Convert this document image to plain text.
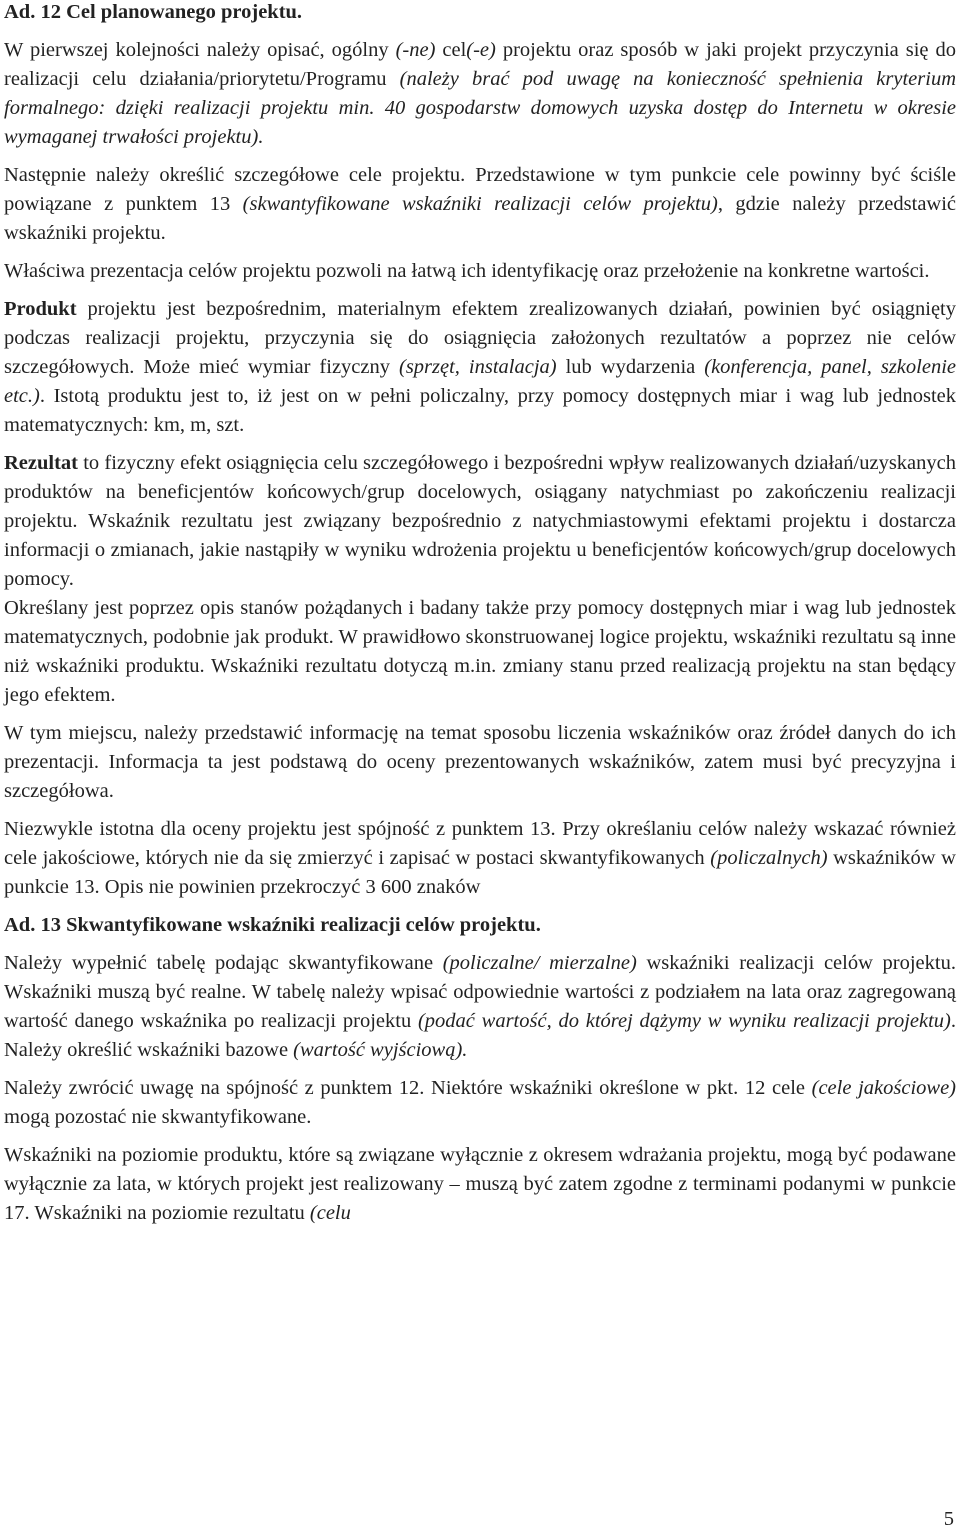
Ad. 12 Cel planowanego projektu.

W pierwszej kolejności należy opisać, ogólny (-ne) cel(-e) projektu oraz sposób w jaki projekt przyczynia się do realizacji celu działania/priorytetu/Programu (należy brać pod uwagę na konieczność spełnienia kryterium formalnego: dzięki realizacji projektu min. 40 gospodarstw domowych uzyska dostęp do Internetu w okresie wymaganej trwałości projektu).

Następnie należy określić szczegółowe cele projektu. Przedstawione w tym punkcie cele powinny być ściśle powiązane z punktem 13 (skwantyfikowane wskaźniki realizacji celów projektu), gdzie należy przedstawić wskaźniki projektu.

Właściwa prezentacja celów projektu pozwoli na łatwą ich identyfikację oraz przełożenie na konkretne wartości.

Produkt projektu jest bezpośrednim, materialnym efektem zrealizowanych działań, powinien być osiągnięty podczas realizacji projektu, przyczynia się do osiągnięcia założonych rezultatów a poprzez nie celów szczegółowych. Może mieć wymiar fizyczny (sprzęt, instalacja) lub wydarzenia (konferencja, panel, szkolenie etc.). Istotą produktu jest to, iż jest on w pełni policzalny, przy pomocy dostępnych miar i wag lub jednostek matematycznych: km, m, szt.

Rezultat to fizyczny efekt osiągnięcia celu szczegółowego i bezpośredni wpływ realizowanych działań/uzyskanych produktów na beneficjentów końcowych/grup docelowych, osiągany natychmiast po zakończeniu realizacji projektu. Wskaźnik rezultatu jest związany bezpośrednio z natychmiastowymi efektami projektu i dostarcza informacji o zmianach, jakie nastąpiły w wyniku wdrożenia projektu u beneficjentów końcowych/grup docelowych pomocy.

Określany jest poprzez opis stanów pożądanych i badany także przy pomocy dostępnych miar i wag lub jednostek matematycznych, podobnie jak produkt. W prawidłowo skonstruowanej logice projektu, wskaźniki rezultatu są inne niż wskaźniki produktu. Wskaźniki rezultatu dotyczą m.in. zmiany stanu przed realizacją projektu na stan będący jego efektem.

W tym miejscu, należy przedstawić informację na temat sposobu liczenia wskaźników oraz źródeł danych do ich prezentacji. Informacja ta jest podstawą do oceny prezentowanych wskaźników, zatem musi być precyzyjna i szczegółowa.

Niezwykle istotna dla oceny projektu jest spójność z punktem 13. Przy określaniu celów należy wskazać również cele jakościowe, których nie da się zmierzyć i zapisać w postaci skwantyfikowanych (policzalnych) wskaźników w punkcie 13. Opis nie powinien przekroczyć 3 600 znaków

Ad. 13 Skwantyfikowane wskaźniki realizacji celów projektu.

Należy wypełnić tabelę podając skwantyfikowane (policzalne/ mierzalne) wskaźniki realizacji celów projektu. Wskaźniki muszą być realne. W tabelę należy wpisać odpowiednie wartości z podziałem na lata oraz zagregowaną wartość danego wskaźnika po realizacji projektu (podać wartość, do której dążymy w wyniku realizacji projektu). Należy określić wskaźniki bazowe (wartość wyjściową).

Należy zwrócić uwagę na spójność z punktem 12. Niektóre wskaźniki określone w pkt. 12 cele (cele jakościowe) mogą pozostać nie skwantyfikowane.

Wskaźniki na poziomie produktu, które są związane wyłącznie z okresem wdrażania projektu, mogą być podawane wyłącznie za lata, w których projekt jest realizowany – muszą być zatem zgodne z terminami podanymi w punkcie 17. Wskaźniki na poziomie rezultatu (celu

5
